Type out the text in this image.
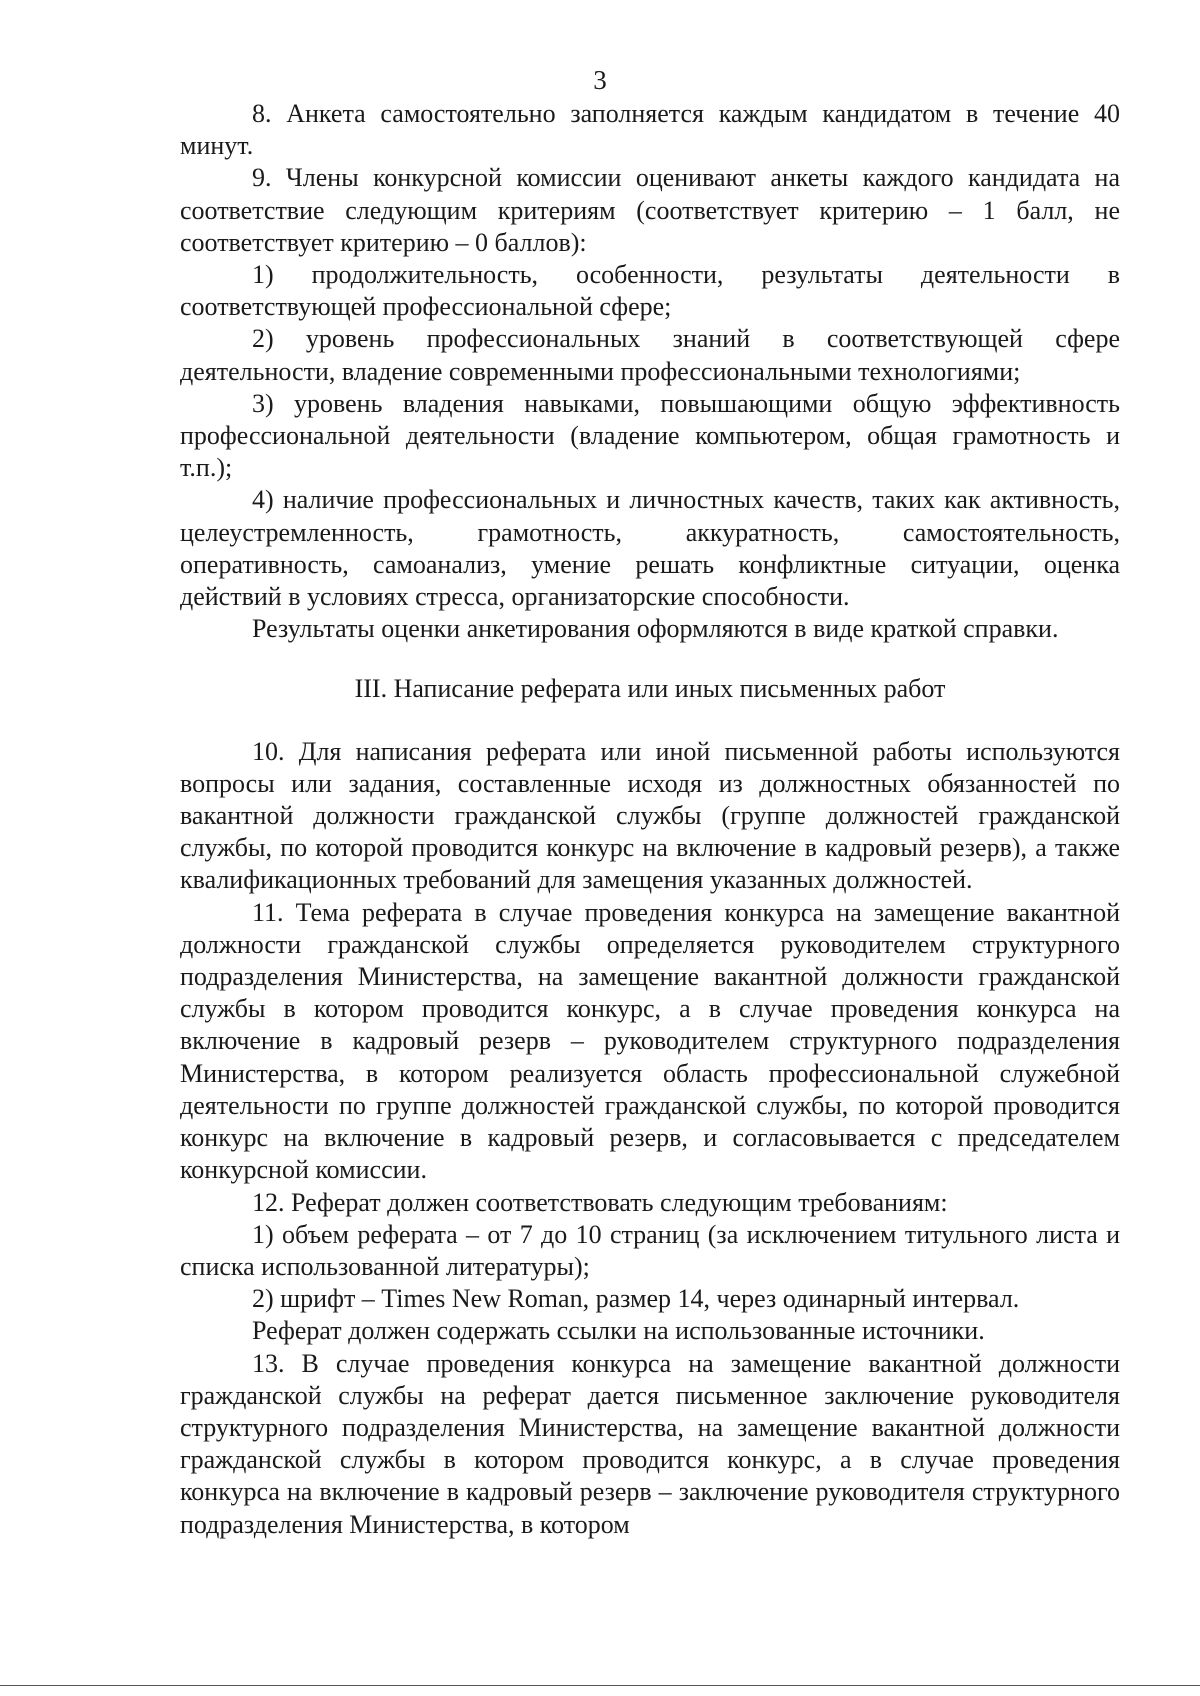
3

8. Анкета самостоятельно заполняется каждым кандидатом в течение 40 минут.

9. Члены конкурсной комиссии оценивают анкеты каждого кандидата на соответствие следующим критериям (соответствует критерию – 1 балл, не соответствует критерию – 0 баллов):

1) продолжительность, особенности, результаты деятельности в соответствующей профессиональной сфере;

2) уровень профессиональных знаний в соответствующей сфере деятельности, владение современными профессиональными технологиями;

3) уровень владения навыками, повышающими общую эффективность профессиональной деятельности (владение компьютером, общая грамотность и т.п.);

4) наличие профессиональных и личностных качеств, таких как активность, целеустремленность, грамотность, аккуратность, самостоятельность, оперативность, самоанализ, умение решать конфликтные ситуации, оценка действий в условиях стресса, организаторские способности.

Результаты оценки анкетирования оформляются в виде краткой справки.

III. Написание реферата или иных письменных работ

10. Для написания реферата или иной письменной работы используются вопросы или задания, составленные исходя из должностных обязанностей по вакантной должности гражданской службы (группе должностей гражданской службы, по которой проводится конкурс на включение в кадровый резерв), а также квалификационных требований для замещения указанных должностей.

11. Тема реферата в случае проведения конкурса на замещение вакантной должности гражданской службы определяется руководителем структурного подразделения Министерства, на замещение вакантной должности гражданской службы в котором проводится конкурс, а в случае проведения конкурса на включение в кадровый резерв – руководителем структурного подразделения Министерства, в котором реализуется область профессиональной служебной деятельности по группе должностей гражданской службы, по которой проводится конкурс на включение в кадровый резерв, и согласовывается с председателем конкурсной комиссии.

12. Реферат должен соответствовать следующим требованиям:

1) объем реферата – от 7 до 10 страниц (за исключением титульного листа и списка использованной литературы);

2) шрифт – Times New Roman, размер 14, через одинарный интервал.

Реферат должен содержать ссылки на использованные источники.

13. В случае проведения конкурса на замещение вакантной должности гражданской службы на реферат дается письменное заключение руководителя структурного подразделения Министерства, на замещение вакантной должности гражданской службы в котором проводится конкурс, а в случае проведения конкурса на включение в кадровый резерв – заключение руководителя структурного подразделения Министерства, в котором
